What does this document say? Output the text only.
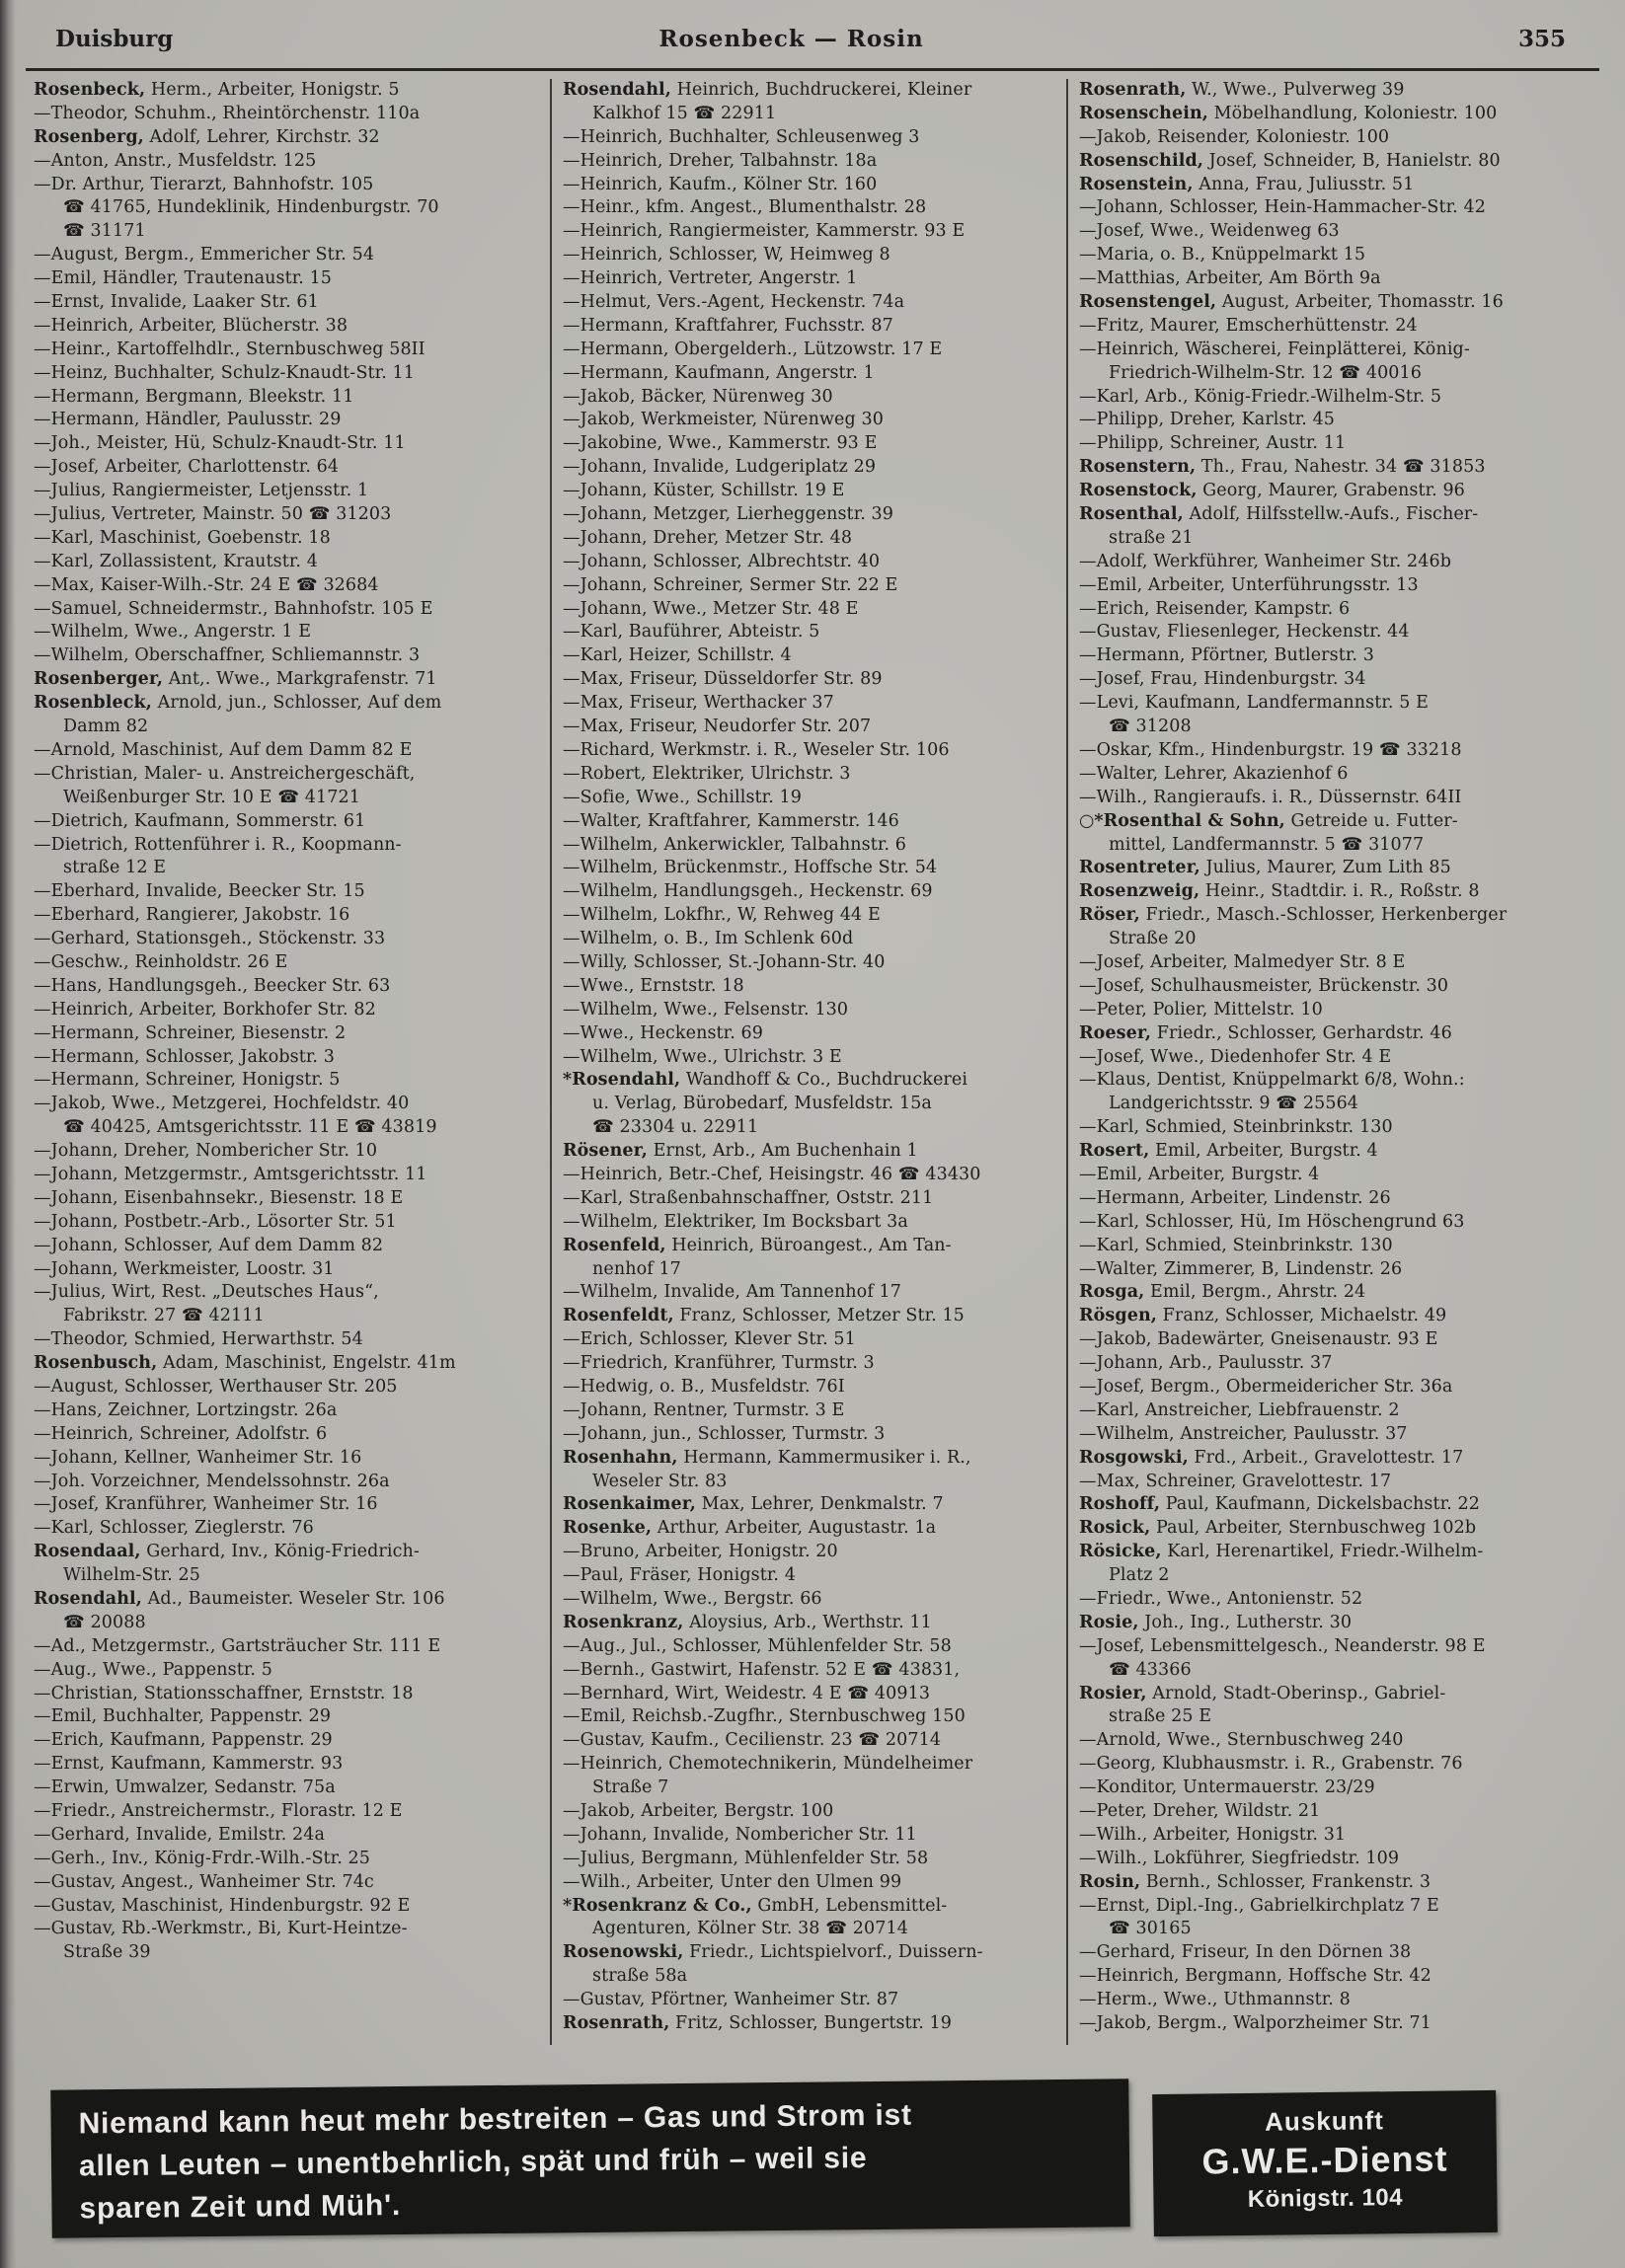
Duisburg	Rosenbeck — Rosin	355
Rosenbeck, Herm., Arbeiter, Honigstr. 5
—Theodor, Schuhm., Rheintörchenstr. 110a
Rosenberg, Adolf, Lehrer, Kirchstr. 32
—Anton, Anstr., Musfeldstr. 125
—Dr. Arthur, Tierarzt, Bahnhofstr. 105
☎ 41765, Hundeklinik, Hindenburgstr. 70
☎ 31171
—August, Bergm., Emmericher Str. 54
—Emil, Händler, Trautenaustr. 15
—Ernst, Invalide, Laaker Str. 61
—Heinrich, Arbeiter, Blücherstr. 38
—Heinr., Kartoffelhdlr., Sternbuschweg 58II
—Heinz, Buchhalter, Schulz-Knaudt-Str. 11
—Hermann, Bergmann, Bleekstr. 11
—Hermann, Händler, Paulusstr. 29
—Joh., Meister, Hü, Schulz-Knaudt-Str. 11
—Josef, Arbeiter, Charlottenstr. 64
—Julius, Rangiermeister, Letjensstr. 1
—Julius, Vertreter, Mainstr. 50 ☎ 31203
—Karl, Maschinist, Goebenstr. 18
—Karl, Zollassistent, Krautstr. 4
—Max, Kaiser-Wilh.-Str. 24 E ☎ 32684
—Samuel, Schneidermstr., Bahnhofstr. 105 E
—Wilhelm, Wwe., Angerstr. 1 E
—Wilhelm, Oberschaffner, Schliemannstr. 3
Rosenberger, Ant,. Wwe., Markgrafenstr. 71
Rosenbleck, Arnold, jun., Schlosser, Auf dem
Damm 82
—Arnold, Maschinist, Auf dem Damm 82 E
—Christian, Maler- u. Anstreichergeschäft,
Weißenburger Str. 10 E ☎ 41721
—Dietrich, Kaufmann, Sommerstr. 61
—Dietrich, Rottenführer i. R., Koopmann-
straße 12 E
—Eberhard, Invalide, Beecker Str. 15
—Eberhard, Rangierer, Jakobstr. 16
—Gerhard, Stationsgeh., Stöckenstr. 33
—Geschw., Reinholdstr. 26 E
—Hans, Handlungsgeh., Beecker Str. 63
—Heinrich, Arbeiter, Borkhofer Str. 82
—Hermann, Schreiner, Biesenstr. 2
—Hermann, Schlosser, Jakobstr. 3
—Hermann, Schreiner, Honigstr. 5
—Jakob, Wwe., Metzgerei, Hochfeldstr. 40
☎ 40425, Amtsgerichtsstr. 11 E ☎ 43819
—Johann, Dreher, Nombericher Str. 10
—Johann, Metzgermstr., Amtsgerichtsstr. 11
—Johann, Eisenbahnsekr., Biesenstr. 18 E
—Johann, Postbetr.-Arb., Lösorter Str. 51
—Johann, Schlosser, Auf dem Damm 82
—Johann, Werkmeister, Loostr. 31
—Julius, Wirt, Rest. „Deutsches Haus“,
Fabrikstr. 27 ☎ 42111
—Theodor, Schmied, Herwarthstr. 54
Rosenbusch, Adam, Maschinist, Engelstr. 41m
—August, Schlosser, Werthauser Str. 205
—Hans, Zeichner, Lortzingstr. 26a
—Heinrich, Schreiner, Adolfstr. 6
—Johann, Kellner, Wanheimer Str. 16
—Joh. Vorzeichner, Mendelssohnstr. 26a
—Josef, Kranführer, Wanheimer Str. 16
—Karl, Schlosser, Zieglerstr. 76
Rosendaal, Gerhard, Inv., König-Friedrich-
Wilhelm-Str. 25
Rosendahl, Ad., Baumeister. Weseler Str. 106
☎ 20088
—Ad., Metzgermstr., Gartsträucher Str. 111 E
—Aug., Wwe., Pappenstr. 5
—Christian, Stationsschaffner, Ernststr. 18
—Emil, Buchhalter, Pappenstr. 29
—Erich, Kaufmann, Pappenstr. 29
—Ernst, Kaufmann, Kammerstr. 93
—Erwin, Umwalzer, Sedanstr. 75a
—Friedr., Anstreichermstr., Florastr. 12 E
—Gerhard, Invalide, Emilstr. 24a
—Gerh., Inv., König-Frdr.-Wilh.-Str. 25
—Gustav, Angest., Wanheimer Str. 74c
—Gustav, Maschinist, Hindenburgstr. 92 E
—Gustav, Rb.-Werkmstr., Bi, Kurt-Heintze-
Straße 39
Rosendahl, Heinrich, Buchdruckerei, Kleiner
Kalkhof 15 ☎ 22911
—Heinrich, Buchhalter, Schleusenweg 3
—Heinrich, Dreher, Talbahnstr. 18a
—Heinrich, Kaufm., Kölner Str. 160
—Heinr., kfm. Angest., Blumenthalstr. 28
—Heinrich, Rangiermeister, Kammerstr. 93 E
—Heinrich, Schlosser, W, Heimweg 8
—Heinrich, Vertreter, Angerstr. 1
—Helmut, Vers.-Agent, Heckenstr. 74a
—Hermann, Kraftfahrer, Fuchsstr. 87
—Hermann, Obergelderh., Lützowstr. 17 E
—Hermann, Kaufmann, Angerstr. 1
—Jakob, Bäcker, Nürenweg 30
—Jakob, Werkmeister, Nürenweg 30
—Jakobine, Wwe., Kammerstr. 93 E
—Johann, Invalide, Ludgeriplatz 29
—Johann, Küster, Schillstr. 19 E
—Johann, Metzger, Lierheggenstr. 39
—Johann, Dreher, Metzer Str. 48
—Johann, Schlosser, Albrechtstr. 40
—Johann, Schreiner, Sermer Str. 22 E
—Johann, Wwe., Metzer Str. 48 E
—Karl, Bauführer, Abteistr. 5
—Karl, Heizer, Schillstr. 4
—Max, Friseur, Düsseldorfer Str. 89
—Max, Friseur, Werthacker 37
—Max, Friseur, Neudorfer Str. 207
—Richard, Werkmstr. i. R., Weseler Str. 106
—Robert, Elektriker, Ulrichstr. 3
—Sofie, Wwe., Schillstr. 19
—Walter, Kraftfahrer, Kammerstr. 146
—Wilhelm, Ankerwickler, Talbahnstr. 6
—Wilhelm, Brückenmstr., Hoffsche Str. 54
—Wilhelm, Handlungsgeh., Heckenstr. 69
—Wilhelm, Lokfhr., W, Rehweg 44 E
—Wilhelm, o. B., Im Schlenk 60d
—Willy, Schlosser, St.-Johann-Str. 40
—Wwe., Ernststr. 18
—Wilhelm, Wwe., Felsenstr. 130
—Wwe., Heckenstr. 69
—Wilhelm, Wwe., Ulrichstr. 3 E
*Rosendahl, Wandhoff & Co., Buchdruckerei
u. Verlag, Bürobedarf, Musfeldstr. 15a
☎ 23304 u. 22911
Rösener, Ernst, Arb., Am Buchenhain 1
—Heinrich, Betr.-Chef, Heisingstr. 46 ☎ 43430
—Karl, Straßenbahnschaffner, Oststr. 211
—Wilhelm, Elektriker, Im Bocksbart 3a
Rosenfeld, Heinrich, Büroangest., Am Tan-
nenhof 17
—Wilhelm, Invalide, Am Tannenhof 17
Rosenfeldt, Franz, Schlosser, Metzer Str. 15
—Erich, Schlosser, Klever Str. 51
—Friedrich, Kranführer, Turmstr. 3
—Hedwig, o. B., Musfeldstr. 76I
—Johann, Rentner, Turmstr. 3 E
—Johann, jun., Schlosser, Turmstr. 3
Rosenhahn, Hermann, Kammermusiker i. R.,
Weseler Str. 83
Rosenkaimer, Max, Lehrer, Denkmalstr. 7
Rosenke, Arthur, Arbeiter, Augustastr. 1a
—Bruno, Arbeiter, Honigstr. 20
—Paul, Fräser, Honigstr. 4
—Wilhelm, Wwe., Bergstr. 66
Rosenkranz, Aloysius, Arb., Werthstr. 11
—Aug., Jul., Schlosser, Mühlenfelder Str. 58
—Bernh., Gastwirt, Hafenstr. 52 E ☎ 43831,
—Bernhard, Wirt, Weidestr. 4 E ☎ 40913
—Emil, Reichsb.-Zugfhr., Sternbuschweg 150
—Gustav, Kaufm., Cecilienstr. 23 ☎ 20714
—Heinrich, Chemotechnikerin, Mündelheimer
Straße 7
—Jakob, Arbeiter, Bergstr. 100
—Johann, Invalide, Nombericher Str. 11
—Julius, Bergmann, Mühlenfelder Str. 58
—Wilh., Arbeiter, Unter den Ulmen 99
*Rosenkranz & Co., GmbH, Lebensmittel-
Agenturen, Kölner Str. 38 ☎ 20714
Rosenowski, Friedr., Lichtspielvorf., Duissern-
straße 58a
—Gustav, Pförtner, Wanheimer Str. 87
Rosenrath, Fritz, Schlosser, Bungertstr. 19
Rosenrath, W., Wwe., Pulverweg 39
Rosenschein, Möbelhandlung, Koloniestr. 100
—Jakob, Reisender, Koloniestr. 100
Rosenschild, Josef, Schneider, B, Hanielstr. 80
Rosenstein, Anna, Frau, Juliusstr. 51
—Johann, Schlosser, Hein-Hammacher-Str. 42
—Josef, Wwe., Weidenweg 63
—Maria, o. B., Knüppelmarkt 15
—Matthias, Arbeiter, Am Börth 9a
Rosenstengel, August, Arbeiter, Thomasstr. 16
—Fritz, Maurer, Emscherhüttenstr. 24
—Heinrich, Wäscherei, Feinplätterei, König-
Friedrich-Wilhelm-Str. 12 ☎ 40016
—Karl, Arb., König-Friedr.-Wilhelm-Str. 5
—Philipp, Dreher, Karlstr. 45
—Philipp, Schreiner, Austr. 11
Rosenstern, Th., Frau, Nahestr. 34 ☎ 31853
Rosenstock, Georg, Maurer, Grabenstr. 96
Rosenthal, Adolf, Hilfsstellw.-Aufs., Fischer-
straße 21
—Adolf, Werkführer, Wanheimer Str. 246b
—Emil, Arbeiter, Unterführungsstr. 13
—Erich, Reisender, Kampstr. 6
—Gustav, Fliesenleger, Heckenstr. 44
—Hermann, Pförtner, Butlerstr. 3
—Josef, Frau, Hindenburgstr. 34
—Levi, Kaufmann, Landfermannstr. 5 E
☎ 31208
—Oskar, Kfm., Hindenburgstr. 19 ☎ 33218
—Walter, Lehrer, Akazienhof 6
—Wilh., Rangieraufs. i. R., Düssernstr. 64II
○*Rosenthal & Sohn, Getreide u. Futter-
mittel, Landfermannstr. 5 ☎ 31077
Rosentreter, Julius, Maurer, Zum Lith 85
Rosenzweig, Heinr., Stadtdir. i. R., Roßstr. 8
Röser, Friedr., Masch.-Schlosser, Herkenberger
Straße 20
—Josef, Arbeiter, Malmedyer Str. 8 E
—Josef, Schulhausmeister, Brückenstr. 30
—Peter, Polier, Mittelstr. 10
Roeser, Friedr., Schlosser, Gerhardstr. 46
—Josef, Wwe., Diedenhofer Str. 4 E
—Klaus, Dentist, Knüppelmarkt 6/8, Wohn.:
Landgerichtsstr. 9 ☎ 25564
—Karl, Schmied, Steinbrinkstr. 130
Rosert, Emil, Arbeiter, Burgstr. 4
—Emil, Arbeiter, Burgstr. 4
—Hermann, Arbeiter, Lindenstr. 26
—Karl, Schlosser, Hü, Im Höschengrund 63
—Karl, Schmied, Steinbrinkstr. 130
—Walter, Zimmerer, B, Lindenstr. 26
Rosga, Emil, Bergm., Ahrstr. 24
Rösgen, Franz, Schlosser, Michaelstr. 49
—Jakob, Badewärter, Gneisenaustr. 93 E
—Johann, Arb., Paulusstr. 37
—Josef, Bergm., Obermeidericher Str. 36a
—Karl, Anstreicher, Liebfrauenstr. 2
—Wilhelm, Anstreicher, Paulusstr. 37
Rosgowski, Frd., Arbeit., Gravelottestr. 17
—Max, Schreiner, Gravelottestr. 17
Roshoff, Paul, Kaufmann, Dickelsbachstr. 22
Rosick, Paul, Arbeiter, Sternbuschweg 102b
Rösicke, Karl, Herenartikel, Friedr.-Wilhelm-
Platz 2
—Friedr., Wwe., Antonienstr. 52
Rosie, Joh., Ing., Lutherstr. 30
—Josef, Lebensmittelgesch., Neanderstr. 98 E
☎ 43366
Rosier, Arnold, Stadt-Oberinsp., Gabriel-
straße 25 E
—Arnold, Wwe., Sternbuschweg 240
—Georg, Klubhausmstr. i. R., Grabenstr. 76
—Konditor, Untermauerstr. 23/29
—Peter, Dreher, Wildstr. 21
—Wilh., Arbeiter, Honigstr. 31
—Wilh., Lokführer, Siegfriedstr. 109
Rosin, Bernh., Schlosser, Frankenstr. 3
—Ernst, Dipl.-Ing., Gabrielkirchplatz 7 E
☎ 30165
—Gerhard, Friseur, In den Dörnen 38
—Heinrich, Bergmann, Hoffsche Str. 42
—Herm., Wwe., Uthmannstr. 8
—Jakob, Bergm., Walporzheimer Str. 71
Niemand kann heut mehr bestreiten – Gas und Strom ist
allen Leuten – unentbehrlich, spät und früh – weil sie
sparen Zeit und Müh'.
Auskunft
G.W.E.-Dienst
Königstr. 104
